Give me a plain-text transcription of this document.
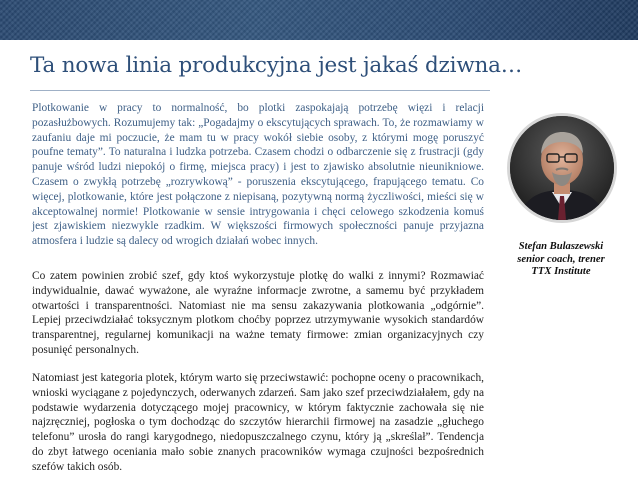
Ta nowa linia produkcyjna jest jakaś dziwna…

Plotkowanie w pracy to normalność, bo plotki zaspokajają potrzebę więzi i relacji pozasłużbowych. Rozumujemy tak: „Pogadajmy o ekscytujących sprawach. To, że rozmawiamy w zaufaniu daje mi poczucie, że mam tu w pracy wokół siebie osoby, z którymi mogę poruszyć poufne tematy”. To naturalna i ludzka potrzeba. Czasem chodzi o odbarczenie się z frustracji (gdy panuje wśród ludzi niepokój o firmę, miejsca pracy) i jest to zjawisko absolutnie nieunikniowe. Czasem o zwykłą potrzebę „rozrywkową” - poruszenia ekscytującego, frapującego tematu. Co więcej, plotkowanie, które jest połączone z niepisaną, pozytywną normą życzliwości, mieści się w akceptowalnej normie! Plotkowanie w sensie intrygowania i chęci celowego szkodzenia komuś jest zjawiskiem niezwykle rzadkim. W większości firmowych społeczności panuje przyjazna atmosfera i ludzie są dalecy od wrogich działań wobec innych.

Co zatem powinien zrobić szef, gdy ktoś wykorzystuje plotkę do walki z innymi? Rozmawiać indywidualnie, dawać wyważone, ale wyraźne informacje zwrotne, a samemu być przykładem otwartości i transparentności. Natomiast nie ma sensu zakazywania plotkowania „odgórnie”. Lepiej przeciwdziałać toksycznym plotkom choćby poprzez utrzymywanie wysokich standardów transparentnej, regularnej komunikacji na ważne tematy firmowe: zmian organizacyjnych czy posunięć personalnych.

Natomiast jest kategoria plotek, którym warto się przeciwstawić: pochopne oceny o pracownikach, wnioski wyciągane z pojedynczych, oderwanych zdarzeń. Sam jako szef przeciwdziałałem, gdy na podstawie wydarzenia dotyczącego mojej pracownicy, w którym faktycznie zachowała się nie najzręczniej, pogłoska o tym dochodząc do szczytów hierarchii firmowej na zasadzie „głuchego telefonu” urosła do rangi karygodnego, niedopuszczalnego czynu, który ją „skreślał”. Tendencja do zbyt łatwego oceniania mało sobie znanych pracowników wymaga czujności bezpośrednich szefów takich osób.

Stefan Bulaszewski
senior coach, trener
TTX Institute
